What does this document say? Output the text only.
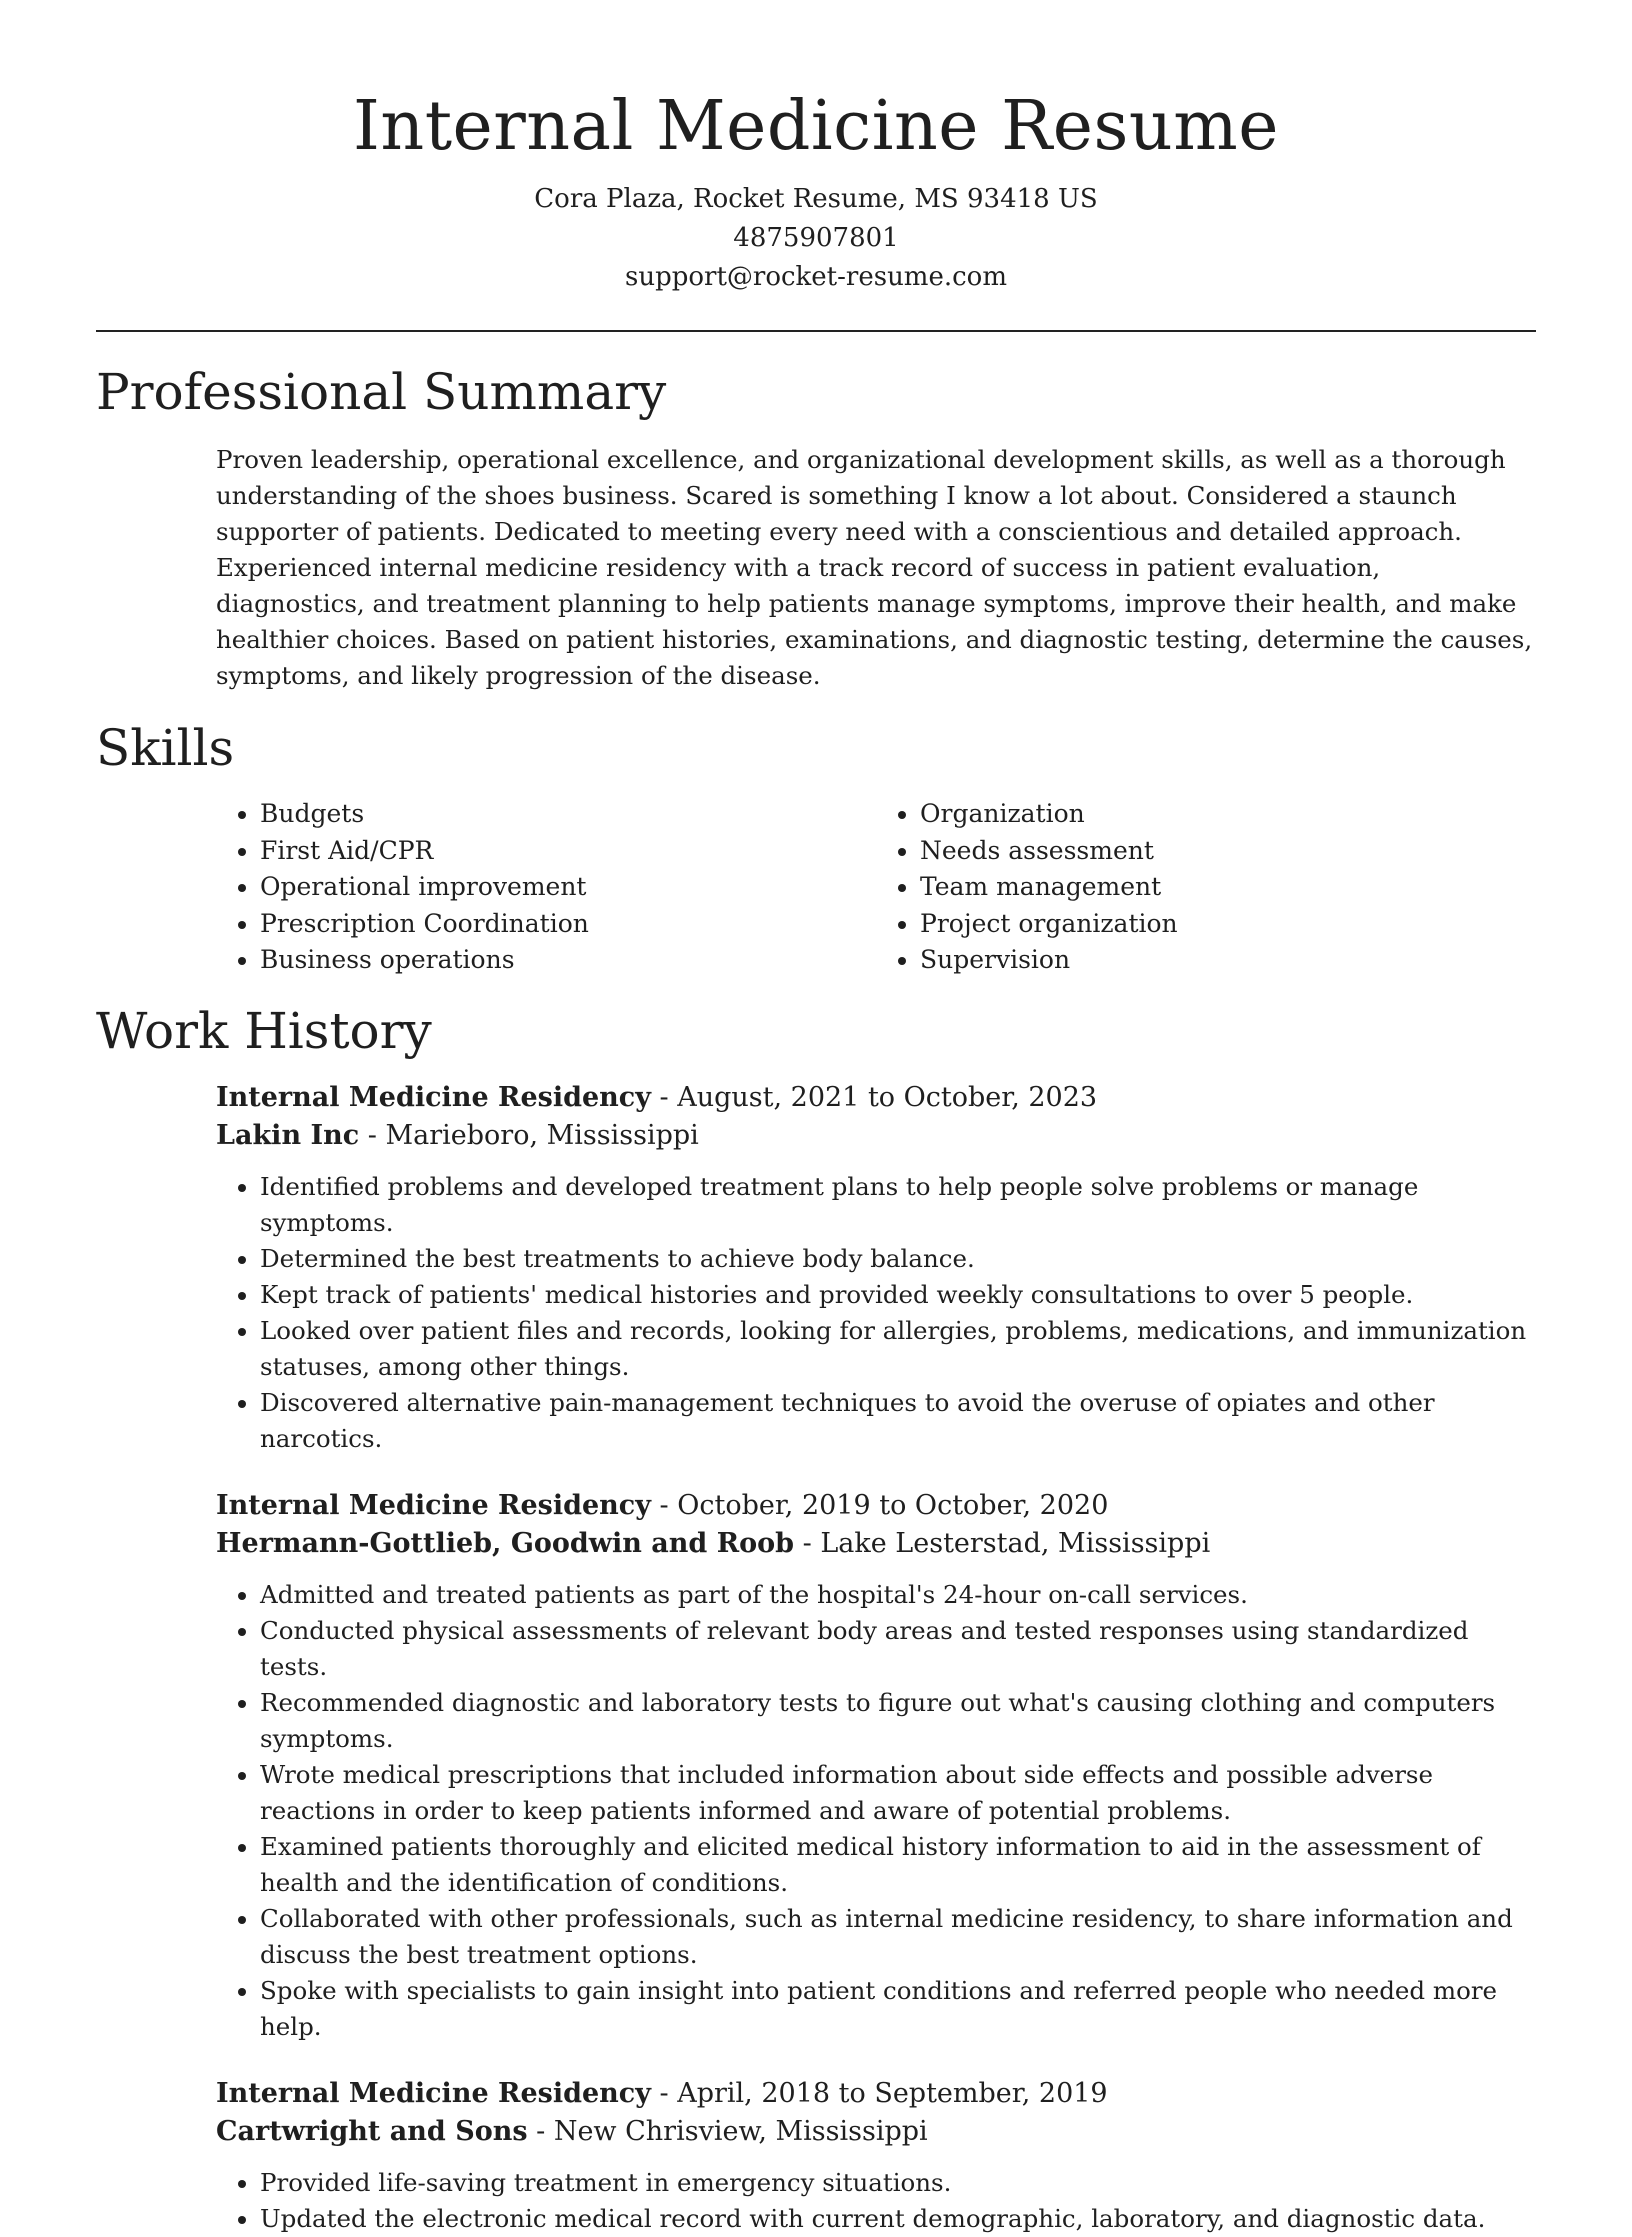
Internal Medicine Resume
Cora Plaza, Rocket Resume, MS 93418 US
4875907801
support@rocket-resume.com
Professional Summary

Proven leadership, operational excellence, and organizational development skills, as well as a thorough understanding of the shoes business. Scared is something I know a lot about. Considered a staunch supporter of patients. Dedicated to meeting every need with a conscientious and detailed approach. Experienced internal medicine residency with a track record of success in patient evaluation, diagnostics, and treatment planning to help patients manage symptoms, improve their health, and make healthier choices. Based on patient histories, examinations, and diagnostic testing, determine the causes, symptoms, and likely progression of the disease.

Skills
• Budgets
• First Aid/CPR
• Operational improvement
• Prescription Coordination
• Business operations
• Organization
• Needs assessment
• Team management
• Project organization
• Supervision
Work History
Internal Medicine Residency - August, 2021 to October, 2023
Lakin Inc - Marieboro, Mississippi
• Identified problems and developed treatment plans to help people solve problems or manage symptoms.
• Determined the best treatments to achieve body balance.
• Kept track of patients' medical histories and provided weekly consultations to over 5 people.
• Looked over patient files and records, looking for allergies, problems, medications, and immunization statuses, among other things.
• Discovered alternative pain-management techniques to avoid the overuse of opiates and other narcotics.
Internal Medicine Residency - October, 2019 to October, 2020
Hermann-Gottlieb, Goodwin and Roob - Lake Lesterstad, Mississippi
• Admitted and treated patients as part of the hospital's 24-hour on-call services.
• Conducted physical assessments of relevant body areas and tested responses using standardized tests.
• Recommended diagnostic and laboratory tests to figure out what's causing clothing and computers symptoms.
• Wrote medical prescriptions that included information about side effects and possible adverse reactions in order to keep patients informed and aware of potential problems.
• Examined patients thoroughly and elicited medical history information to aid in the assessment of health and the identification of conditions.
• Collaborated with other professionals, such as internal medicine residency, to share information and discuss the best treatment options.
• Spoke with specialists to gain insight into patient conditions and referred people who needed more help.
Internal Medicine Residency - April, 2018 to September, 2019
Cartwright and Sons - New Chrisview, Mississippi
• Provided life-saving treatment in emergency situations.
• Updated the electronic medical record with current demographic, laboratory, and diagnostic data.
